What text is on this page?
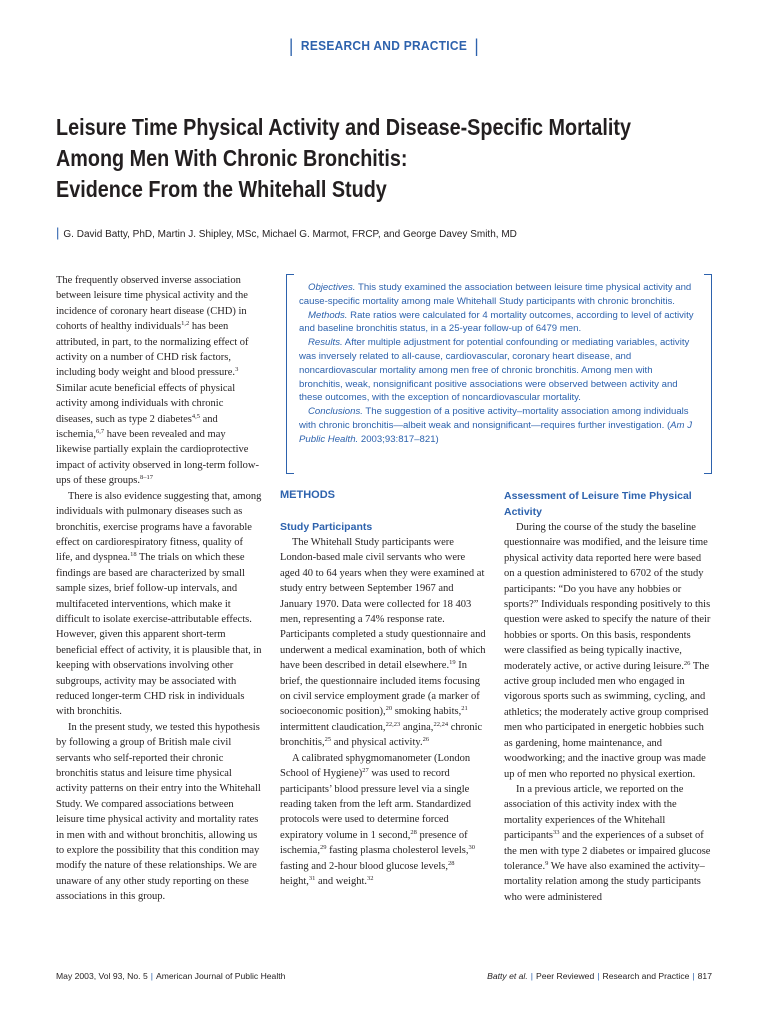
| RESEARCH AND PRACTICE |
Leisure Time Physical Activity and Disease-Specific Mortality
Among Men With Chronic Bronchitis:
Evidence From the Whitehall Study
| G. David Batty, PhD, Martin J. Shipley, MSc, Michael G. Marmot, FRCP, and George Davey Smith, MD

Objectives. This study examined the association between leisure time physical activity and cause-specific mortality among male Whitehall Study participants with chronic bronchitis.

Methods. Rate ratios were calculated for 4 mortality outcomes, according to level of activity and baseline bronchitis status, in a 25-year follow-up of 6479 men.

Results. After multiple adjustment for potential confounding or mediating variables, activity was inversely related to all-cause, cardiovascular, coronary heart disease, and noncardiovascular mortality among men free of chronic bronchitis. Among men with bronchitis, weak, nonsignificant positive associations were observed between activity and these outcomes, with the exception of noncardiovascular mortality.

Conclusions. The suggestion of a positive activity–mortality association among individuals with chronic bronchitis—albeit weak and nonsignificant—requires further investigation. (Am J Public Health. 2003;93:817–821)

The frequently observed inverse association between leisure time physical activity and the incidence of coronary heart disease (CHD) in cohorts of healthy individuals$^{1,2}$ has been attributed, in part, to the normalizing effect of activity on a number of CHD risk factors, including body weight and blood pressure.$^3$ Similar acute beneficial effects of physical activity among individuals with chronic diseases, such as type 2 diabetes$^{4,5}$ and ischemia,$^{6,7}$ have been revealed and may likewise partially explain the cardioprotective impact of activity observed in long-term follow-ups of these groups.$^{8-17}$

There is also evidence suggesting that, among individuals with pulmonary diseases such as bronchitis, exercise programs have a favorable effect on cardiorespiratory fitness, quality of life, and dyspnea.$^{18}$ The trials on which these findings are based are characterized by small sample sizes, brief follow-up intervals, and multifaceted interventions, which make it difficult to isolate exercise-attributable effects. However, given this apparent short-term beneficial effect of activity, it is plausible that, in keeping with observations involving other subgroups, activity may be associated with reduced longer-term CHD risk in individuals with bronchitis.

In the present study, we tested this hypothesis by following a group of British male civil servants who self-reported their chronic bronchitis status and leisure time physical activity patterns on their entry into the Whitehall Study. We compared associations between leisure time physical activity and mortality rates in men with and without bronchitis, allowing us to explore the possibility that this condition may modify the nature of these relationships. We are unaware of any other study reporting on these associations in this group.

METHODS
Study Participants

The Whitehall Study participants were London-based male civil servants who were aged 40 to 64 years when they were examined at study entry between September 1967 and January 1970. Data were collected for 18 403 men, representing a 74% response rate. Participants completed a study questionnaire and underwent a medical examination, both of which have been described in detail elsewhere.$^{19}$ In brief, the questionnaire included items focusing on civil service employment grade (a marker of socioeconomic position),$^{20}$ smoking habits,$^{21}$ intermittent claudication,$^{22,23}$ angina,$^{22,24}$ chronic bronchitis,$^{25}$ and physical activity.$^{26}$

A calibrated sphygmomanometer (London School of Hygiene)$^{27}$ was used to record participants’ blood pressure level via a single reading taken from the left arm. Standardized protocols were used to determine forced expiratory volume in 1 second,$^{28}$ presence of ischemia,$^{29}$ fasting plasma cholesterol levels,$^{30}$ fasting and 2-hour blood glucose levels,$^{28}$ height,$^{31}$ and weight.$^{32}$

Assessment of Leisure Time Physical Activity

During the course of the study the baseline questionnaire was modified, and the leisure time physical activity data reported here were based on a question administered to 6702 of the study participants: “Do you have any hobbies or sports?” Individuals responding positively to this question were asked to specify the nature of their hobbies or sports. On this basis, respondents were classified as being typically inactive, moderately active, or active during leisure.$^{26}$ The active group included men who engaged in vigorous sports such as swimming, cycling, and athletics; the moderately active group comprised men who participated in energetic hobbies such as gardening, home maintenance, and woodworking; and the inactive group was made up of men who reported no physical exertion.

In a previous article, we reported on the association of this activity index with the mortality experiences of the Whitehall participants$^{33}$ and the experiences of a subset of the men with type 2 diabetes or impaired glucose tolerance.$^9$ We have also examined the activity–mortality relation among the study participants who were administered

May 2003, Vol 93, No. 5 | American Journal of Public Health	Batty et al. | Peer Reviewed | Research and Practice | 817
